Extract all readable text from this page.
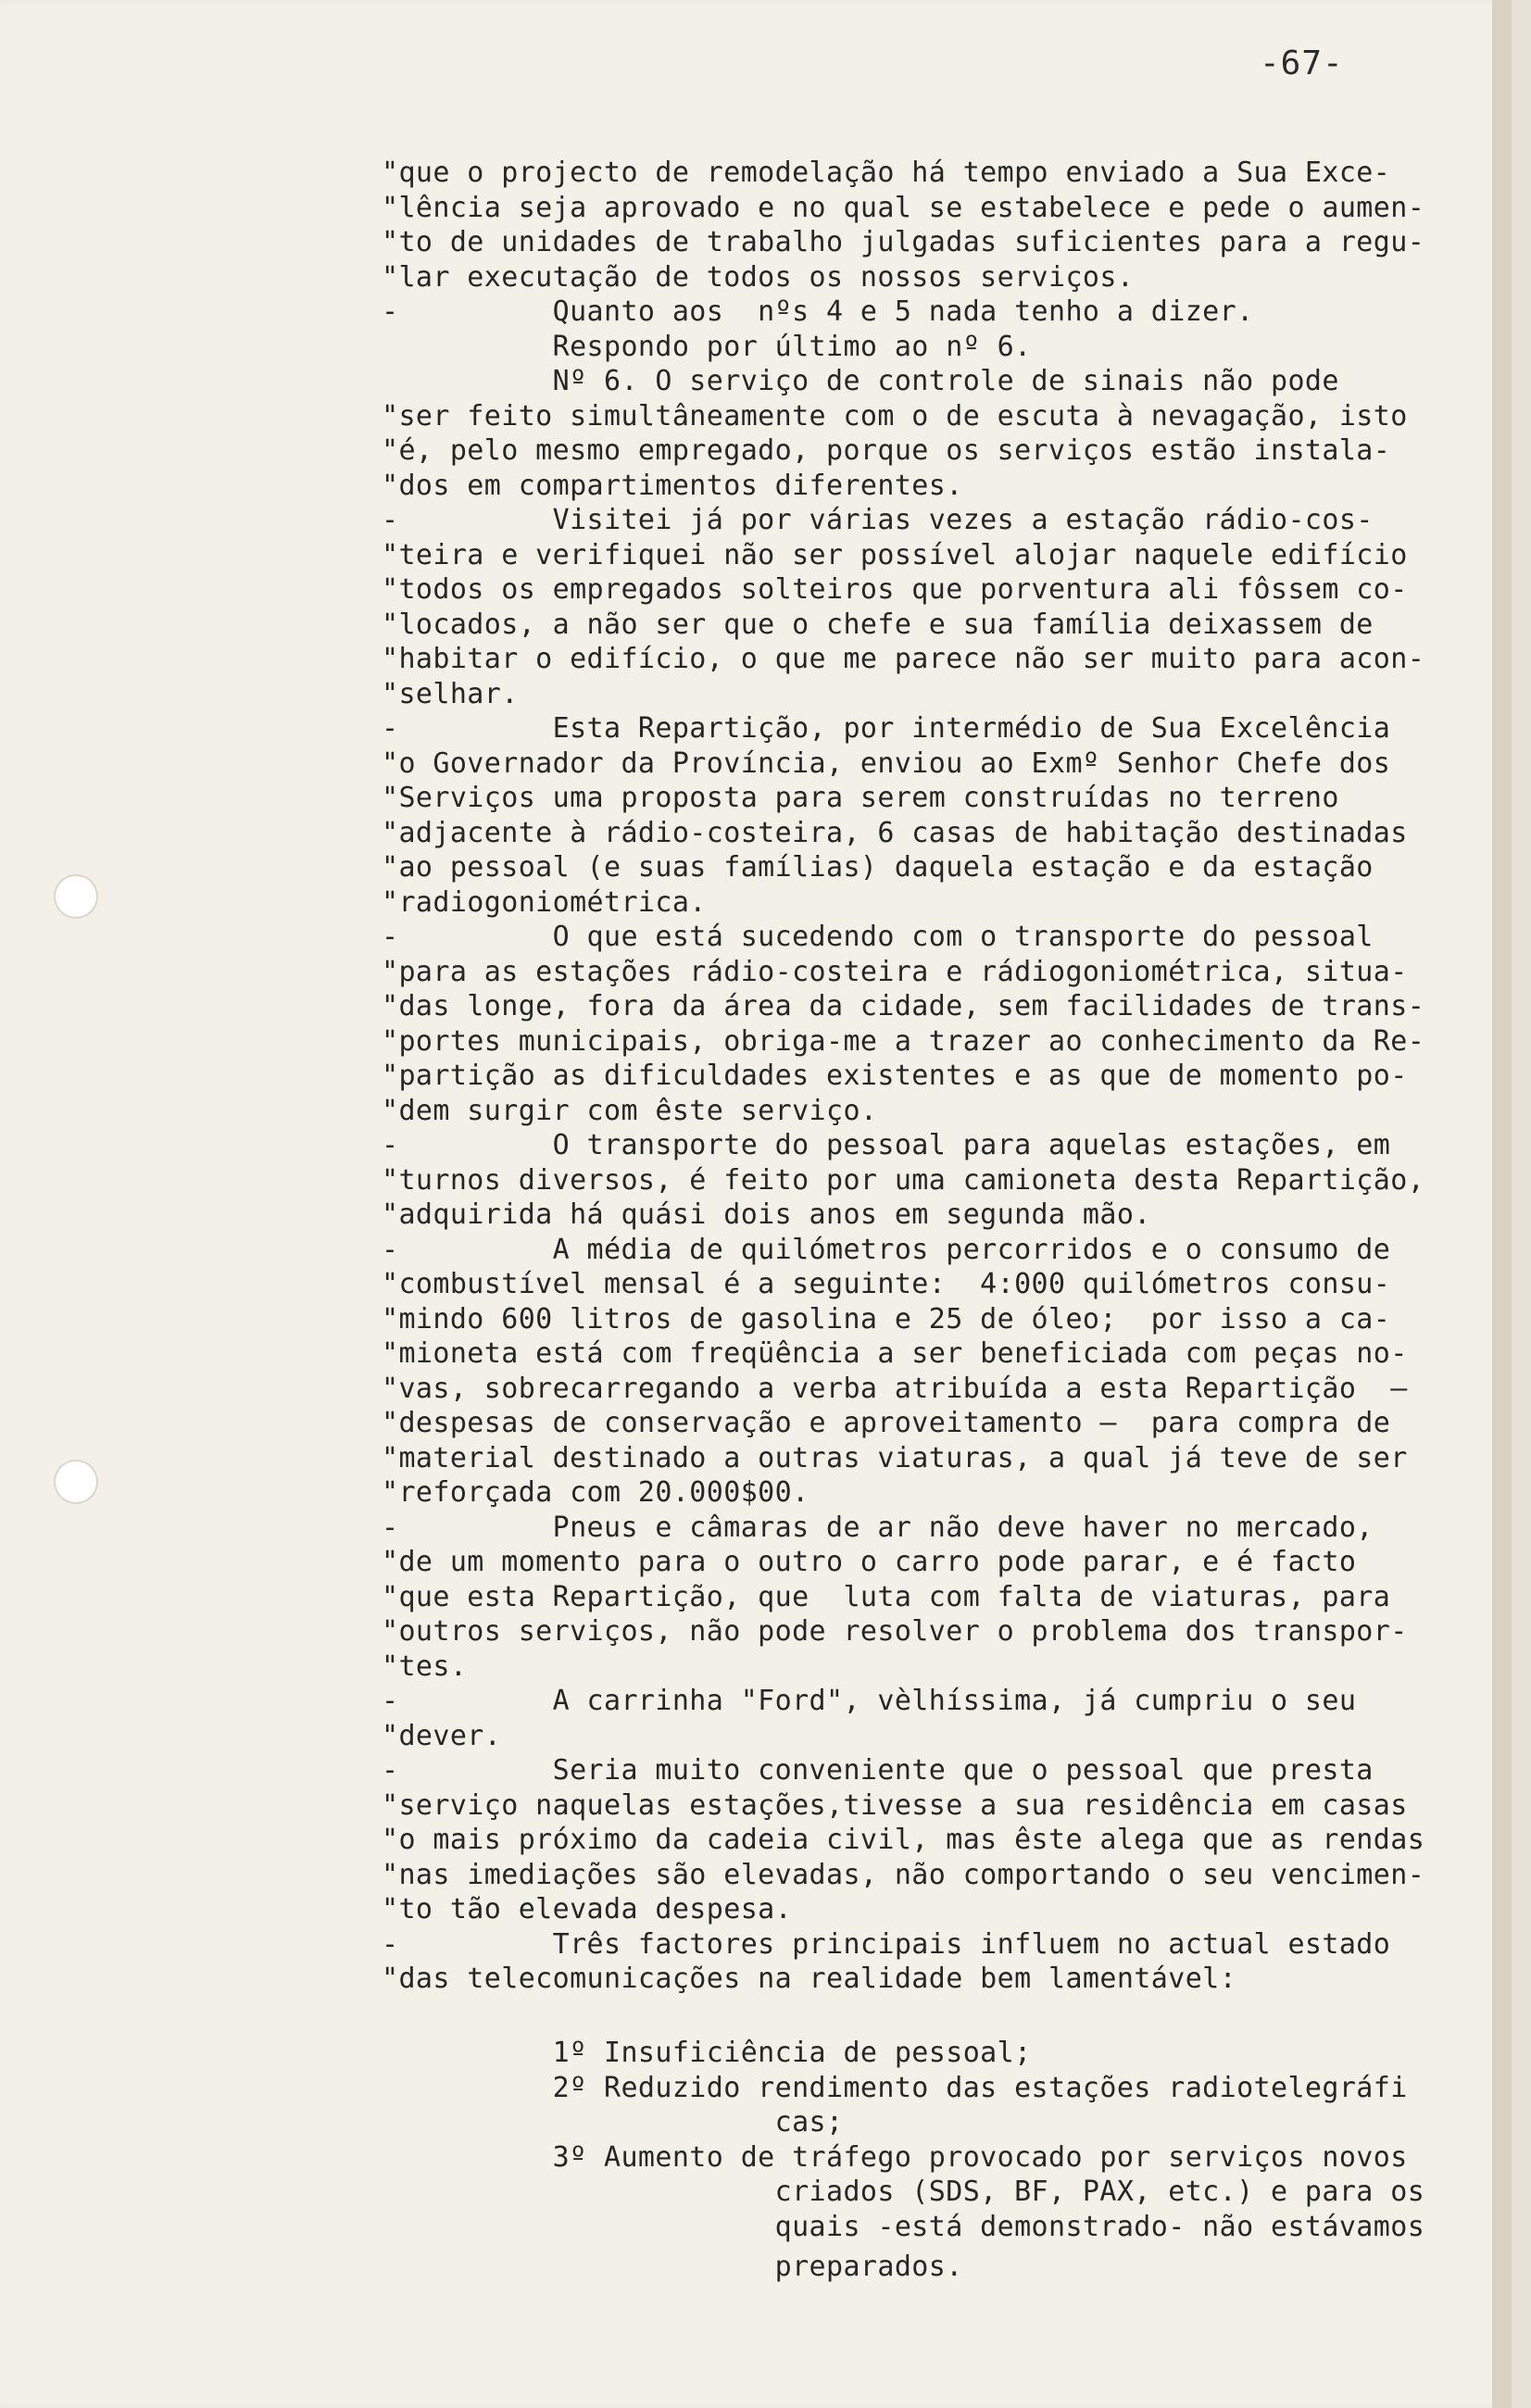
-67-
"que o projecto de remodelação há tempo enviado a Sua Exce-
"lência seja aprovado e no qual se estabelece e pede o aumen-
"to de unidades de trabalho julgadas suficientes para a regu-
"lar executação de todos os nossos serviços.
-         Quanto aos  nºs 4 e 5 nada tenho a dizer.
Respondo por último ao nº 6.
Nº 6. O serviço de controle de sinais não pode
"ser feito simultâneamente com o de escuta à nevagação, isto
"é, pelo mesmo empregado, porque os serviços estão instala-
"dos em compartimentos diferentes.
-         Visitei já por várias vezes a estação rádio-cos-
"teira e verifiquei não ser possível alojar naquele edifício
"todos os empregados solteiros que porventura ali fôssem co-
"locados, a não ser que o chefe e sua família deixassem de
"habitar o edifício, o que me parece não ser muito para acon-
"selhar.
-         Esta Repartição, por intermédio de Sua Excelência
"o Governador da Província, enviou ao Exmº Senhor Chefe dos
"Serviços uma proposta para serem construídas no terreno
"adjacente à rádio-costeira, 6 casas de habitação destinadas
"ao pessoal (e suas famílias) daquela estação e da estação
"radiogoniométrica.
-         O que está sucedendo com o transporte do pessoal
"para as estações rádio-costeira e rádiogoniométrica, situa-
"das longe, fora da área da cidade, sem facilidades de trans-
"portes municipais, obriga-me a trazer ao conhecimento da Re-
"partição as dificuldades existentes e as que de momento po-
"dem surgir com êste serviço.
-         O transporte do pessoal para aquelas estações, em
"turnos diversos, é feito por uma camioneta desta Repartição,
"adquirida há quási dois anos em segunda mão.
-         A média de quilómetros percorridos e o consumo de
"combustível mensal é a seguinte:  4:000 quilómetros consu-
"mindo 600 litros de gasolina e 25 de óleo;  por isso a ca-
"mioneta está com freqüência a ser beneficiada com peças no-
"vas, sobrecarregando a verba atribuída a esta Repartição  —
"despesas de conservação e aproveitamento —  para compra de
"material destinado a outras viaturas, a qual já teve de ser
"reforçada com 20.000$00.
-         Pneus e câmaras de ar não deve haver no mercado,
"de um momento para o outro o carro pode parar, e é facto
"que esta Repartição, que  luta com falta de viaturas, para
"outros serviços, não pode resolver o problema dos transpor-
"tes.
-         A carrinha "Ford", vèlhíssima, já cumpriu o seu
"dever.
-         Seria muito conveniente que o pessoal que presta
"serviço naquelas estações,tivesse a sua residência em casas
"o mais próximo da cadeia civil, mas êste alega que as rendas
"nas imediações são elevadas, não comportando o seu vencimen-
"to tão elevada despesa.
-         Três factores principais influem no actual estado
"das telecomunicações na realidade bem lamentável:
1º Insuficiência de pessoal;
2º Reduzido rendimento das estações radiotelegráfi
cas;
3º Aumento de tráfego provocado por serviços novos
criados (SDS, BF, PAX, etc.) e para os
quais -está demonstrado- não estávamos
preparados.
